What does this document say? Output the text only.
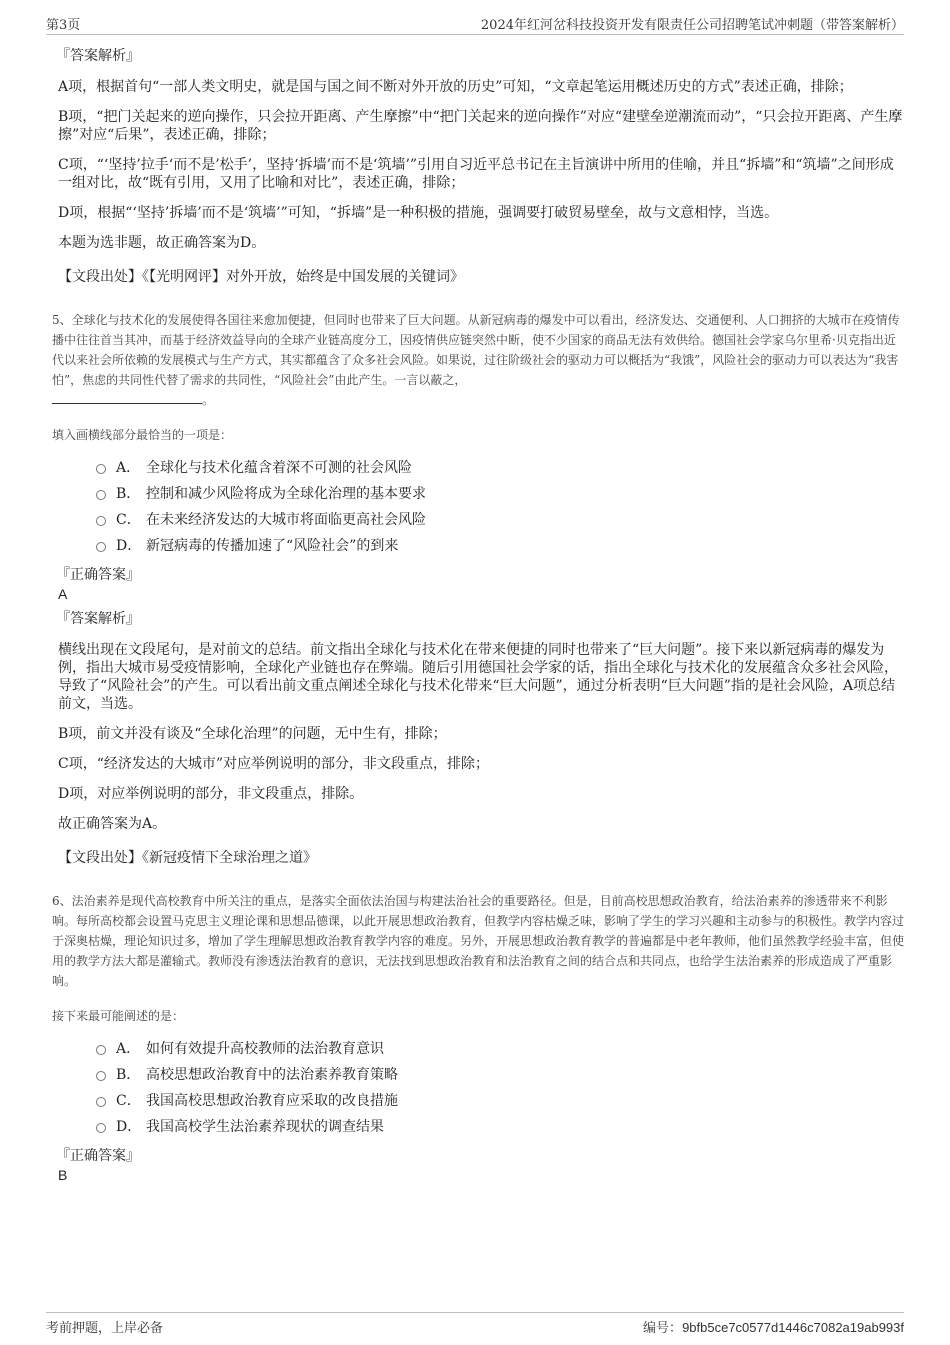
第3页	2024年红河岔科技投资开发有限责任公司招聘笔试冲刺题（带答案解析）
『答案解析』

A项，根据首句“一部人类文明史，就是国与国之间不断对外开放的历史”可知，“文章起笔运用概述历史的方式”表述正确，排除；

B项，“把门关起来的逆向操作，只会拉开距离、产生摩擦”中“把门关起来的逆向操作”对应“建壁垒逆潮流而动”，“只会拉开距离、产生摩擦”对应“后果”，表述正确，排除；

C项，“‘坚持’拉手‘而不是’松手’，坚持‘拆墙’而不是‘筑墙’”引用自习近平总书记在主旨演讲中所用的佳喻，并且“拆墙”和“筑墙”之间形成一组对比，故“既有引用，又用了比喻和对比”，表述正确，排除；

D项，根据“‘坚持’拆墙’而不是‘筑墙’”可知，“拆墙”是一种积极的措施，强调要打破贸易壁垒，故与文意相悖，当选。

本题为选非题，故正确答案为D。

【文段出处】《【光明网评】对外开放，始终是中国发展的关键词》

5、全球化与技术化的发展使得各国往来愈加便捷，但同时也带来了巨大问题。从新冠病毒的爆发中可以看出，经济发达、交通便利、人口拥挤的大城市在疫情传播中往往首当其冲，而基于经济效益导向的全球产业链高度分工，因疫情供应链突然中断，使不少国家的商品无法有效供给。德国社会学家乌尔里希·贝克指出近代以来社会所依赖的发展模式与生产方式，其实都蕴含了众多社会风险。如果说，过往阶级社会的驱动力可以概括为“我饿”，风险社会的驱动力可以表达为“我害怕”，焦虑的共同性代替了需求的共同性，“风险社会”由此产生。一言以蔽之，
。
填入画横线部分最恰当的一项是：
A． 全球化与技术化蕴含着深不可测的社会风险
B． 控制和减少风险将成为全球化治理的基本要求
C． 在未来经济发达的大城市将面临更高社会风险
D． 新冠病毒的传播加速了“风险社会”的到来
『正确答案』
A
『答案解析』

横线出现在文段尾句，是对前文的总结。前文指出全球化与技术化在带来便捷的同时也带来了“巨大问题”。接下来以新冠病毒的爆发为例，指出大城市易受疫情影响，全球化产业链也存在弊端。随后引用德国社会学家的话，指出全球化与技术化的发展蕴含众多社会风险，导致了“风险社会”的产生。可以看出前文重点阐述全球化与技术化带来“巨大问题”，通过分析表明“巨大问题”指的是社会风险，A项总结前文，当选。

B项，前文并没有谈及“全球化治理”的问题，无中生有，排除；

C项，“经济发达的大城市”对应举例说明的部分，非文段重点，排除；

D项，对应举例说明的部分，非文段重点，排除。

故正确答案为A。

【文段出处】《新冠疫情下全球治理之道》

6、法治素养是现代高校教育中所关注的重点，是落实全面依法治国与构建法治社会的重要路径。但是，目前高校思想政治教育，给法治素养的渗透带来不利影响。每所高校都会设置马克思主义理论课和思想品德课，以此开展思想政治教育，但教学内容枯燥乏味，影响了学生的学习兴趣和主动参与的积极性。教学内容过于深奥枯燥，理论知识过多，增加了学生理解思想政治教育教学内容的难度。另外，开展思想政治教育教学的普遍都是中老年教师，他们虽然教学经验丰富，但使用的教学方法大都是灌输式。教师没有渗透法治教育的意识，无法找到思想政治教育和法治教育之间的结合点和共同点，也给学生法治素养的形成造成了严重影响。
接下来最可能阐述的是：
A． 如何有效提升高校教师的法治教育意识
B． 高校思想政治教育中的法治素养教育策略
C． 我国高校思想政治教育应采取的改良措施
D． 我国高校学生法治素养现状的调查结果
『正确答案』
B
考前押题，上岸必备	编号：9bfb5ce7c0577d1446c7082a19ab993f
